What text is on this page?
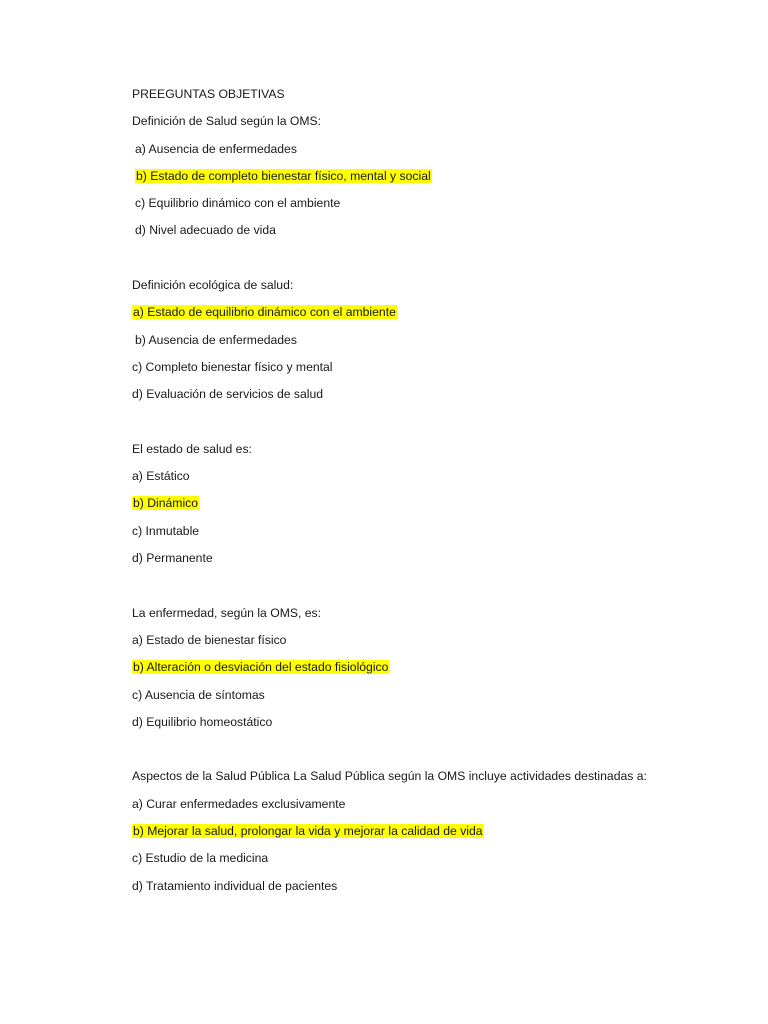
PREEGUNTAS OBJETIVAS
Definición de Salud según la OMS:
a) Ausencia de enfermedades
b) Estado de completo bienestar físico, mental y social
c) Equilibrio dinámico con el ambiente
d) Nivel adecuado de vida
Definición ecológica de salud:
a) Estado de equilibrio dinámico con el ambiente
b) Ausencia de enfermedades
c) Completo bienestar físico y mental
d) Evaluación de servicios de salud
El estado de salud es:
a) Estático
b) Dinámico
c) Inmutable
d) Permanente
La enfermedad, según la OMS, es:
a) Estado de bienestar físico
b) Alteración o desviación del estado fisiológico
c) Ausencia de síntomas
d) Equilibrio homeostático
Aspectos de la Salud Pública La Salud Pública según la OMS incluye actividades destinadas a:
a) Curar enfermedades exclusivamente
b) Mejorar la salud, prolongar la vida y mejorar la calidad de vida
c) Estudio de la medicina
d) Tratamiento individual de pacientes
